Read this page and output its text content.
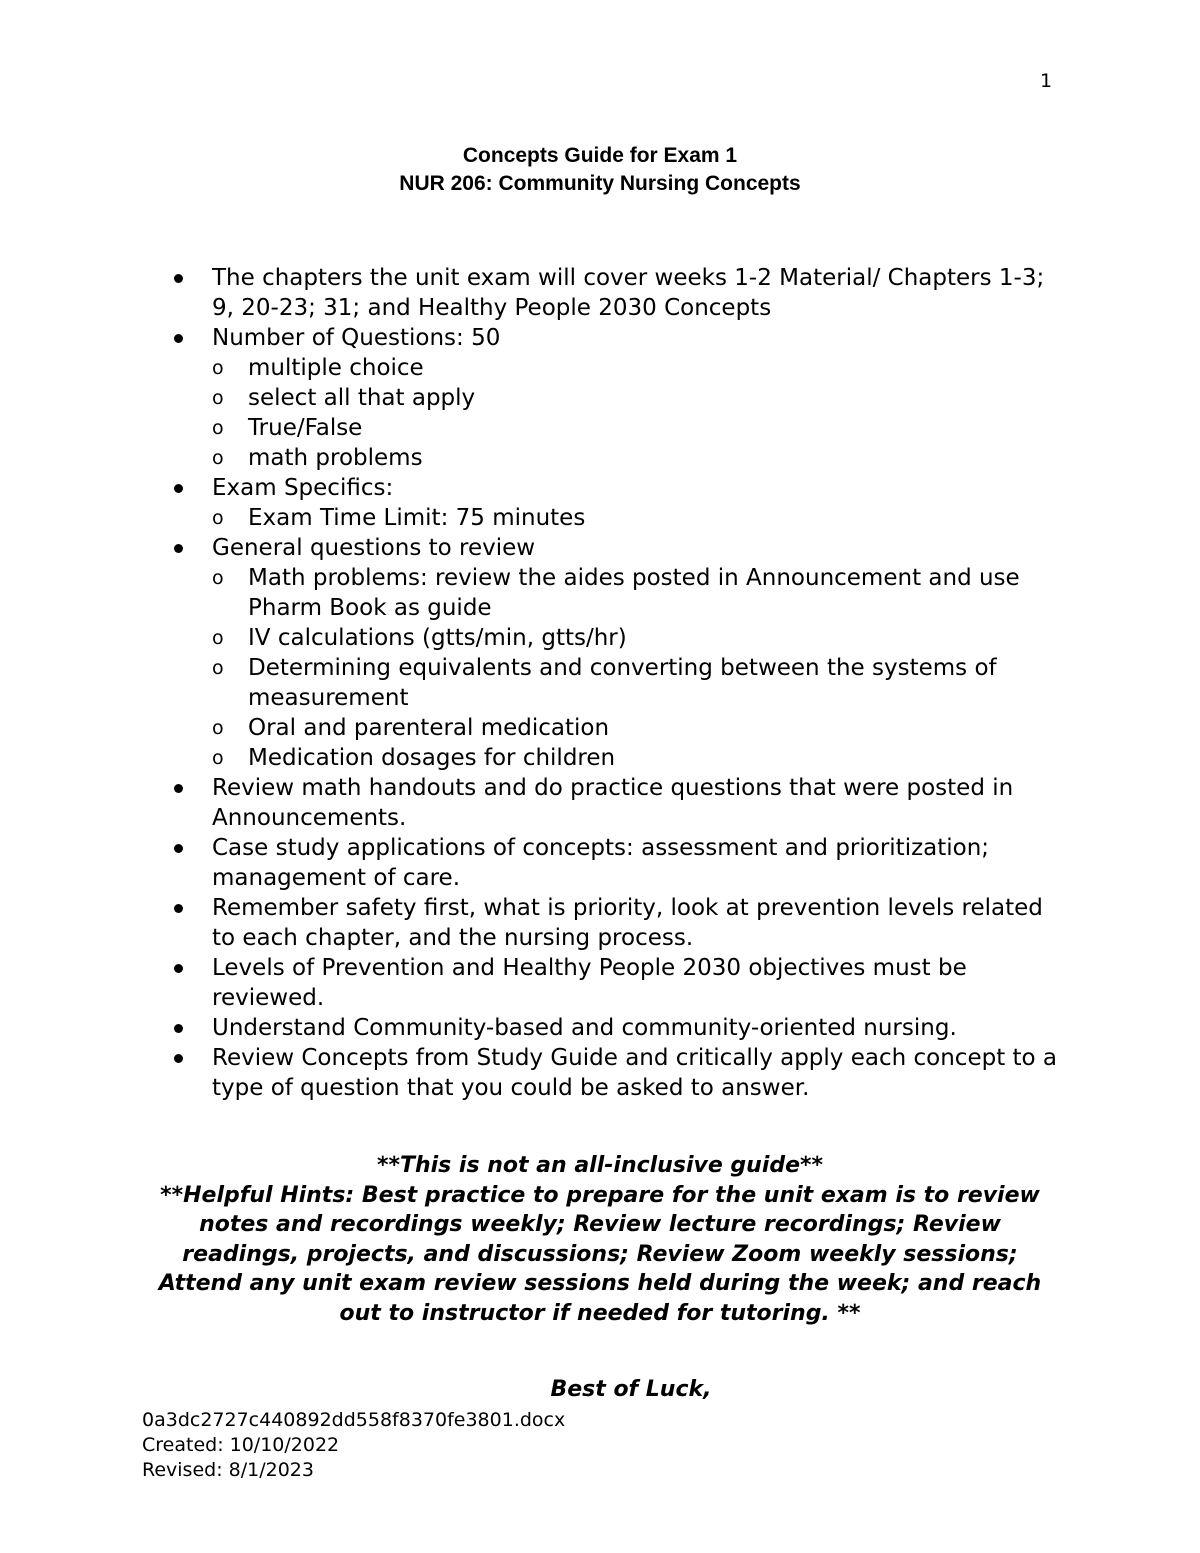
1
Concepts Guide for Exam 1
NUR 206: Community Nursing Concepts
The chapters the unit exam will cover weeks 1-2 Material/ Chapters 1-3; 9, 20-23; 31; and Healthy People 2030 Concepts
Number of Questions: 50
o multiple choice
o select all that apply
o True/False
o math problems
Exam Specifics:
o Exam Time Limit: 75 minutes
General questions to review
o Math problems: review the aides posted in Announcement and use Pharm Book as guide
o IV calculations (gtts/min, gtts/hr)
o Determining equivalents and converting between the systems of measurement
o Oral and parenteral medication
o Medication dosages for children
Review math handouts and do practice questions that were posted in Announcements.
Case study applications of concepts: assessment and prioritization; management of care.
Remember safety first, what is priority, look at prevention levels related to each chapter, and the nursing process.
Levels of Prevention and Healthy People 2030 objectives must be reviewed.
Understand Community-based and community-oriented nursing.
Review Concepts from Study Guide and critically apply each concept to a type of question that you could be asked to answer.
**This is not an all-inclusive guide**
**Helpful Hints: Best practice to prepare for the unit exam is to review notes and recordings weekly; Review lecture recordings; Review readings, projects, and discussions; Review Zoom weekly sessions; Attend any unit exam review sessions held during the week; and reach out to instructor if needed for tutoring. **
Best of Luck,
0a3dc2727c440892dd558f8370fe3801.docx
Created: 10/10/2022
Revised: 8/1/2023
